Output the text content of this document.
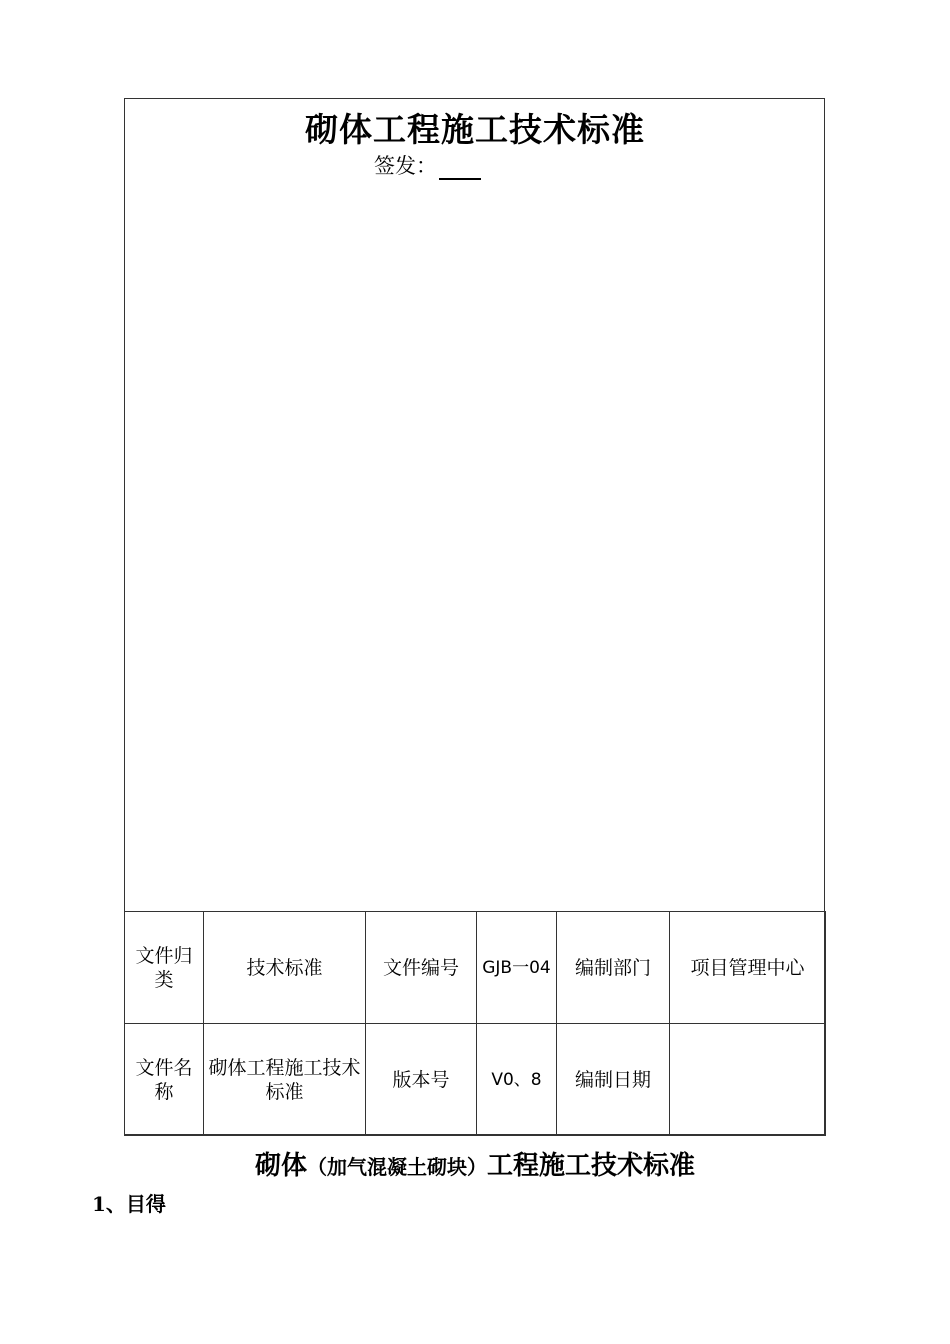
砌体工程施工技术标准
签发：
文件归类	技术标准	文件编号	GJB一04	编制部门	项目管理中心
文件名称	砌体工程施工技术标准	版本号	V0、8	编制日期	
砌体（加气混凝土砌块）工程施工技术标准
1、目得
